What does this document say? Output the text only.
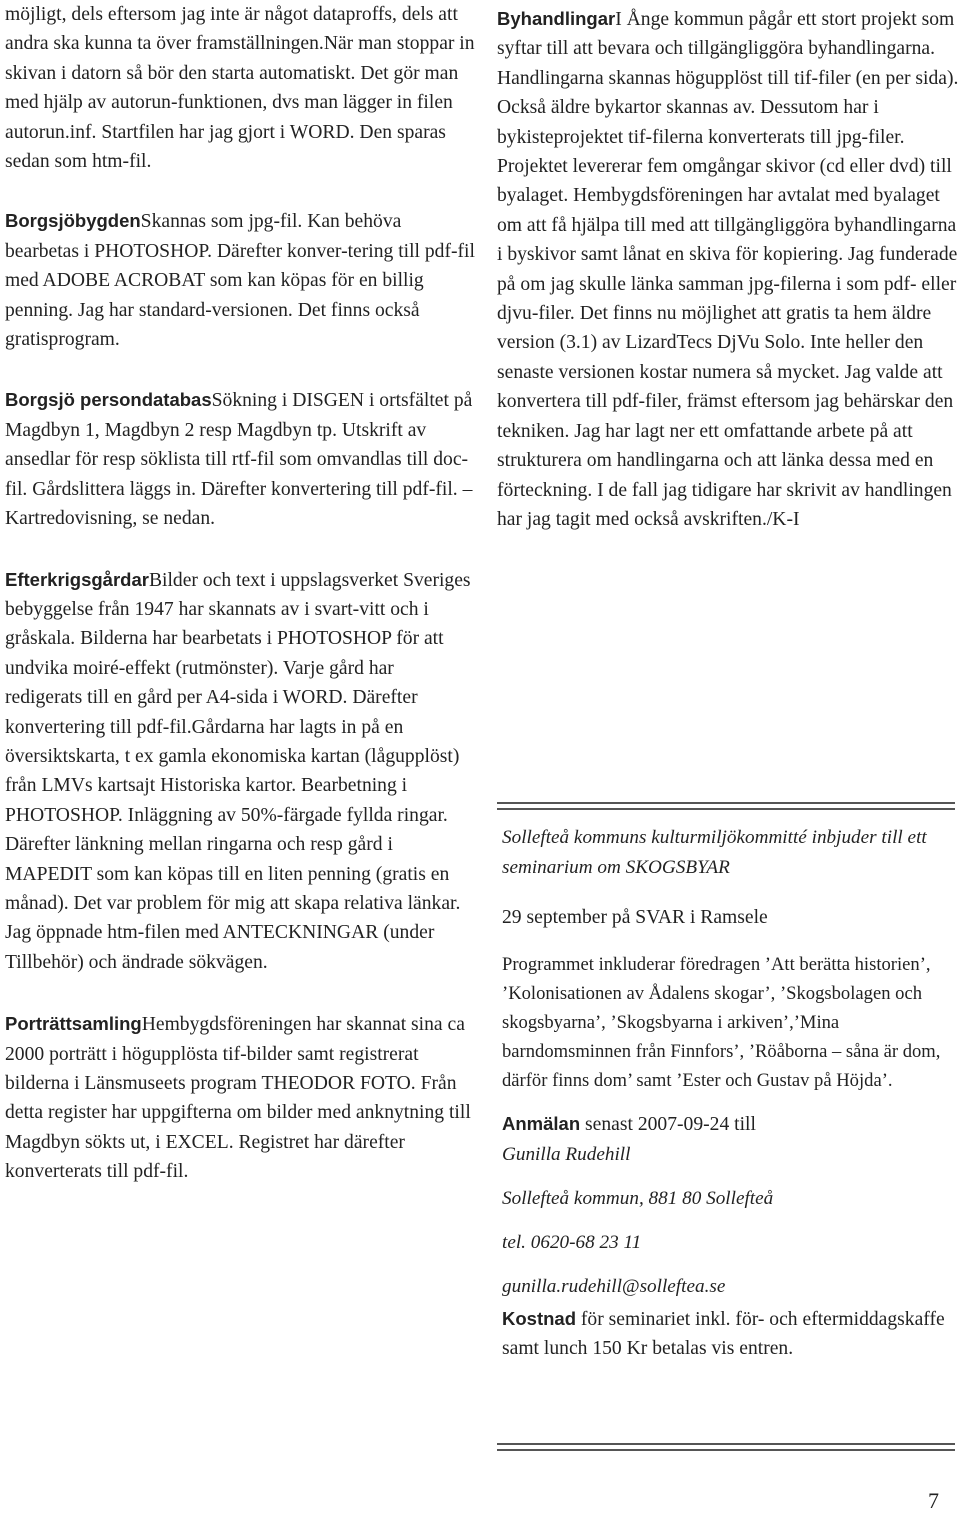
möjligt, dels eftersom jag inte är något dataproffs, dels att andra ska kunna ta över framställningen.När man stoppar in skivan i datorn så bör den starta automatiskt. Det gör man med hjälp av autorun-funktionen, dvs man lägger in filen autorun.inf. Startfilen har jag gjort i WORD. Den sparas sedan som htm-fil.

BorgsjöbygdenSkannas som jpg-fil. Kan behöva bearbetas i PHOTOSHOP. Därefter konver-tering till pdf-fil med ADOBE ACROBAT som kan köpas för en billig penning. Jag har standard-versionen. Det finns också gratisprogram.

Borgsjö persondatabasSökning i DISGEN i ortsfältet på Magdbyn 1, Magdbyn 2 resp Magdbyn tp. Utskrift av ansedlar för resp söklista till rtf-fil som omvandlas till doc-fil. Gårdslittera läggs in. Därefter konvertering till pdf-fil. – Kartredovisning, se nedan.

EfterkrigsgårdarBilder och text i uppslagsverket Sveriges bebyggelse från 1947 har skannats av i svart-vitt och i gråskala. Bilderna har bearbetats i PHOTOSHOP för att undvika moiré-effekt (rutmönster). Varje gård har redigerats till en gård per A4-sida i WORD. Därefter konvertering till pdf-fil.Gårdarna har lagts in på en översiktskarta, t ex gamla ekonomiska kartan (lågupplöst) från LMVs kartsajt Historiska kartor. Bearbetning i PHOTOSHOP. Inläggning av 50%-färgade fyllda ringar. Därefter länkning mellan ringarna och resp gård i MAPEDIT som kan köpas till en liten penning (gratis en månad). Det var problem för mig att skapa relativa länkar. Jag öppnade htm-filen med ANTECKNINGAR (under Tillbehör) och ändrade sökvägen.

PorträttsamlingHembygdsföreningen har skannat sina ca 2000 porträtt i högupplösta tif-bilder samt registrerat bilderna i Länsmuseets program THEODOR FOTO. Från detta register har uppgifterna om bilder med anknytning till Magdbyn sökts ut, i EXCEL. Registret har därefter konverterats till pdf-fil.

ByhandlingarI Ånge kommun pågår ett stort projekt som syftar till att bevara och tillgängliggöra byhandlingarna. Handlingarna skannas högupplöst till tif-filer (en per sida). Också äldre bykartor skannas av. Dessutom har i bykisteprojektet tif-filerna konverterats till jpg-filer. Projektet levererar fem omgångar skivor (cd eller dvd) till byalaget. Hembygdsföreningen har avtalat med byalaget om att få hjälpa till med att tillgängliggöra byhandlingarna i byskivor samt lånat en skiva för kopiering. Jag funderade på om jag skulle länka samman jpg-filerna i som pdf- eller djvu-filer. Det finns nu möjlighet att gratis ta hem äldre version (3.1) av LizardTecs DjVu Solo. Inte heller den senaste versionen kostar numera så mycket. Jag valde att konvertera till pdf-filer, främst eftersom jag behärskar den tekniken. Jag har lagt ner ett omfattande arbete på att strukturera om handlingarna och att länka dessa med en förteckning. I de fall jag tidigare har skrivit av handlingen har jag tagit med också avskriften./K-I

Sollefteå kommuns kulturmiljökommitté inbjuder till ett seminarium om SKOGSBYAR

29 september på SVAR i Ramsele

Programmet inkluderar föredragen ’Att berätta historien’, ’Kolonisationen av Ådalens skogar’, ’Skogsbolagen och skogsbyarna’, ’Skogsbyarna i arkiven’,’Mina barndomsminnen från Finnfors’, ’Röåborna – såna är dom, därför finns dom’ samt ’Ester och Gustav på Höjda’.

Anmälan senast 2007-09-24 till

Gunilla Rudehill

Sollefteå kommun, 881 80 Sollefteå

tel. 0620-68 23 11

gunilla.rudehill@solleftea.se

Kostnad för seminariet inkl. för- och eftermiddagskaffe samt lunch 150 Kr betalas vis entren.

7
